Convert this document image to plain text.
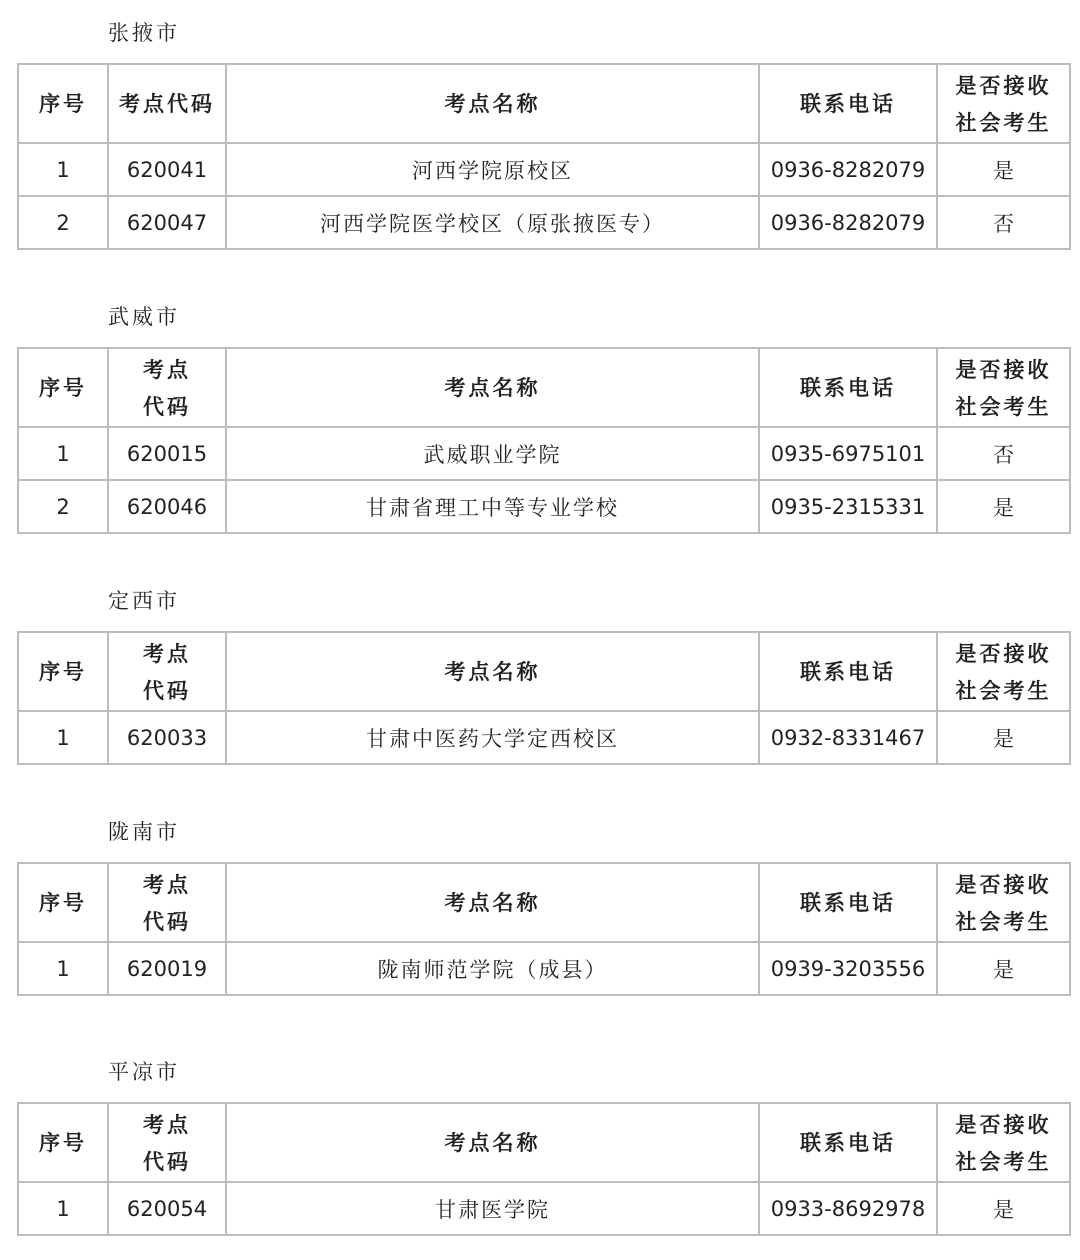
张掖市
序号	考点代码	考点名称	联系电话	是否接收社会考生
1	620041	河西学院原校区	0936-8282079	是
2	620047	河西学院医学校区（原张掖医专）	0936-8282079	否
武威市
序号	考点代码	考点名称	联系电话	是否接收社会考生
1	620015	武威职业学院	0935-6975101	否
2	620046	甘肃省理工中等专业学校	0935-2315331	是
定西市
序号	考点代码	考点名称	联系电话	是否接收社会考生
1	620033	甘肃中医药大学定西校区	0932-8331467	是
陇南市
序号	考点代码	考点名称	联系电话	是否接收社会考生
1	620019	陇南师范学院（成县）	0939-3203556	是
平凉市
序号	考点代码	考点名称	联系电话	是否接收社会考生
1	620054	甘肃医学院	0933-8692978	是
